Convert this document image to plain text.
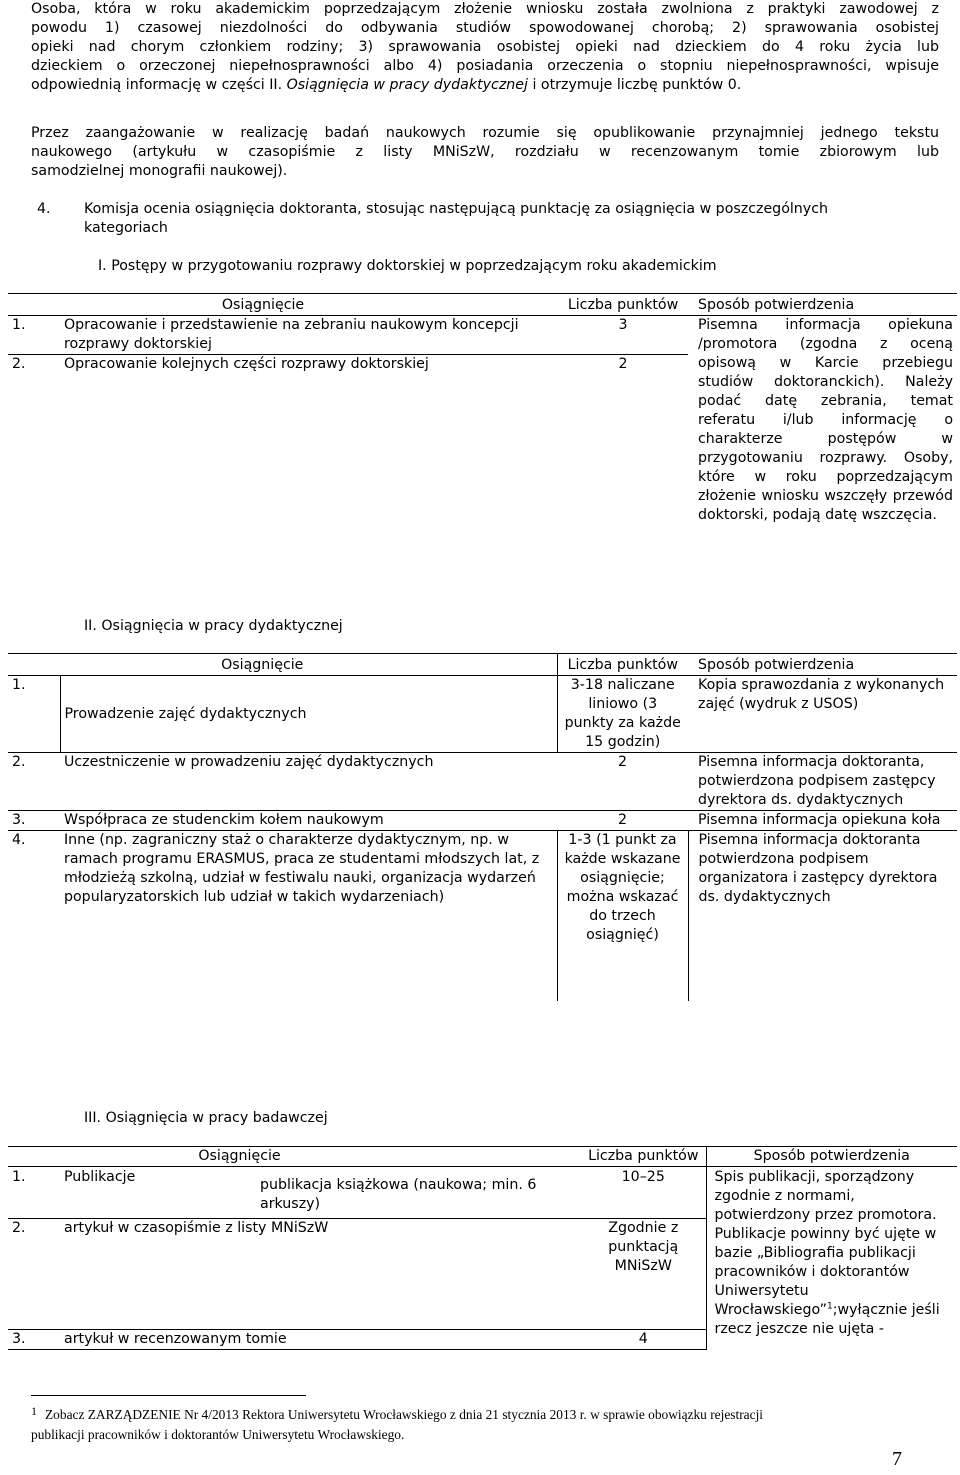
Osoba, która w roku akademickim poprzedzającym złożenie wniosku została zwolniona z praktyki zawodowej z
powodu 1) czasowej niezdolności do odbywania studiów spowodowanej chorobą; 2) sprawowania osobistej
opieki nad chorym członkiem rodziny; 3) sprawowania osobistej opieki nad dzieckiem do 4 roku życia lub
dzieckiem o orzeczonej niepełnosprawności albo 4) posiadania orzeczenia o stopniu niepełnosprawności, wpisuje
odpowiednią informację w części II. Osiągnięcia w pracy dydaktycznej i otrzymuje liczbę punktów 0.
Przez zaangażowanie w realizację badań naukowych rozumie się opublikowanie przynajmniej jednego tekstu
naukowego (artykułu w czasopiśmie z listy MNiSzW, rozdziału w recenzowanym tomie zbiorowym lub
samodzielnej monografii naukowej).
4. Komisja ocenia osiągnięcia doktoranta, stosując następującą punktację za osiągnięcia w poszczególnych
kategoriach
I. Postępy w przygotowaniu rozprawy doktorskiej w poprzedzającym roku akademickim
Osiągnięcie		Liczba punktów	Sposób potwierdzenia
1.	Opracowanie i przedstawienie na zebraniu naukowym koncepcji rozprawy doktorskiej	3	Pisemna informacja opiekuna /promotora (zgodna z oceną opisową w Karcie przebiegu studiów doktoranckich). Należy podać datę zebrania, temat referatu i/lub informację o charakterze postępów w przygotowaniu rozprawy. Osoby, które w roku poprzedzającym złożenie wniosku wszczęły przewód doktorski, podają datę wszczęcia.
2.	Opracowanie kolejnych części rozprawy doktorskiej	2	
II. Osiągnięcia w pracy dydaktycznej
Osiągnięcie		Liczba punktów	Sposób potwierdzenia
1.	Prowadzenie zajęć dydaktycznych	3-18 naliczane liniowo (3 punkty za każde 15 godzin)	Kopia sprawozdania z wykonanych zajęć (wydruk z USOS)
2.	Uczestniczenie w prowadzeniu zajęć dydaktycznych	2	Pisemna informacja doktoranta, potwierdzona podpisem zastępcy dyrektora ds. dydaktycznych
3.	Współpraca ze studenckim kołem naukowym	2	Pisemna informacja opiekuna koła
4.	Inne (np. zagraniczny staż o charakterze dydaktycznym, np. w ramach programu ERASMUS, praca ze studentami młodszych lat, z młodzieżą szkolną, udział w festiwalu nauki, organizacja wydarzeń popularyzatorskich lub udział w takich wydarzeniach)	1-3 (1 punkt za każde wskazane osiągnięcie; można wskazać do trzech osiągnięć)	Pisemna informacja doktoranta potwierdzona podpisem organizatora i zastępcy dyrektora ds. dydaktycznych
III. Osiągnięcia w pracy badawczej
Osiągnięcie			Liczba punktów	Sposób potwierdzenia
1.	Publikacje	publikacja książkowa (naukowa; min. 6 arkuszy)	10–25	Spis publikacji, sporządzony zgodnie z normami, potwierdzony przez promotora. Publikacje powinny być ujęte w bazie „Bibliografia publikacji pracowników i doktorantów Uniwersytetu Wrocławskiego”$^1$;wyłącznie jeśli rzecz jeszcze nie ujęta -
2.	artykuł w czasopiśmie z listy MNiSzW		Zgodnie z punktacją MNiSzW	
3.	artykuł w recenzowanym tomie		4	
1 Zobacz ZARZĄDZENIE Nr 4/2013 Rektora Uniwersytetu Wrocławskiego z dnia 21 stycznia 2013 r. w sprawie obowiązku rejestracji
publikacji pracowników i doktorantów Uniwersytetu Wrocławskiego.
7
